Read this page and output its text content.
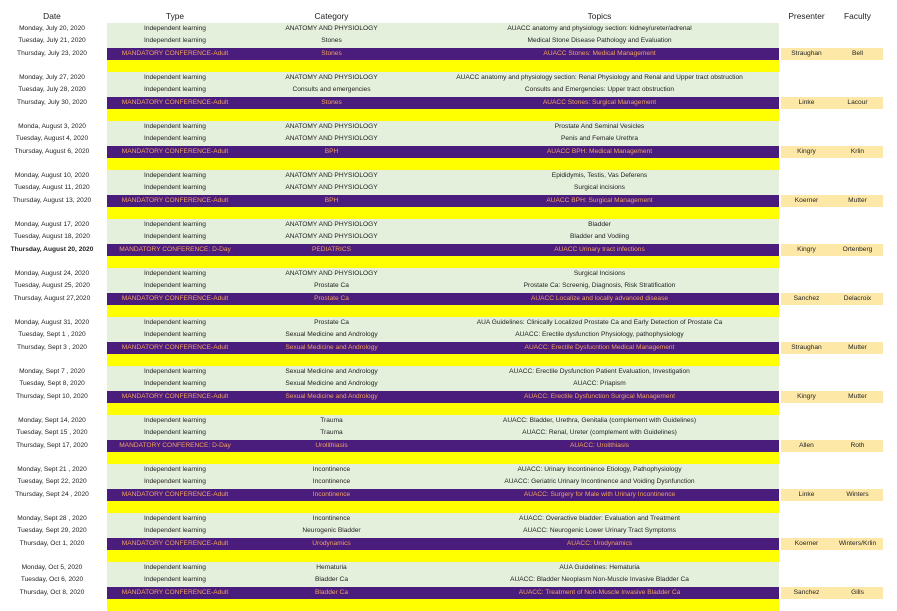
Date	Type	Category	Topics	Presenter	Faculty
Monday, July 20, 2020	Independent learning	ANATOMY AND PHYSIOLOGY	AUACC anatomy and physiology section: kidney/ureter/adrenal
Tuesday, July 21, 2020	Independent learning	Stones	Medical Stone Disease Pathology and Evaluation
Thursday, July 23, 2020	MANDATORY CONFERENCE-Adult	Stones	AUACC Stones: Medical Management	Straughan	Bell
Monday, July 27, 2020	Independent learning	ANATOMY AND PHYSIOLOGY	AUACC anatomy and physiology section: Renal Physiology and Renal and Upper tract obstruction
Tuesday, July 28, 2020	Independent learning	Consults and emergencies	Consults and Emergencies: Upper tract obstruction
Thursday, July 30, 2020	MANDATORY CONFERENCE-Adult	Stones	AUACC Stones: Surgical Management	Linke	Lacour
Monda, August 3, 2020	Independent learning	ANATOMY AND PHYSIOLOGY	Prostate And Seminal Vesicles
Tuesday, August 4, 2020	Independent learning	ANATOMY AND PHYSIOLOGY	Penis and Female Urethra
Thursday, August 6, 2020	MANDATORY CONFERENCE-Adult	BPH	AUACC BPH: Medical Management	Kingry	Krlin
Monday, August 10, 2020	Independent learning	ANATOMY AND PHYSIOLOGY	Epididymis, Testis, Vas Deferens
Tuesday, August 11, 2020	Independent learning	ANATOMY AND PHYSIOLOGY	Surgical incisions
Thursday, August 13, 2020	MANDATORY CONFERENCE-Adult	BPH	AUACC BPH: Surgical Management	Koerner	Mutter
Monday, August 17, 2020	Independent learning	ANATOMY AND PHYSIOLOGY	Bladder
Tuesday, August 18, 2020	Independent learning	ANATOMY AND PHYSIOLOGY	Bladder and Vodiing
Thursday, August 20, 2020	MANDATORY CONFERENCE: D-Day	PEDIATRICS	AUACC Urinary tract infections	Kingry	Ortenberg
Monday, August 24, 2020	Independent learning	ANATOMY AND PHYSIOLOGY	Surgical Incisions
Tuesday, August 25, 2020	Independent learning	Prostate Ca	Prostate Ca: Screenig, Diagnosis, Risk Stratification
Thursday, August 27,2020	MANDATORY CONFERENCE-Adult	Prostate Ca	AUACC Localize and locally advanced disease	Sanchez	Delacroix
Monday, August 31, 2020	Independent learning	Prostate Ca	AUA Guidelines: Clinically Localized Prostate Ca and Early Detection of Prostate Ca
Tuesday, Sept 1 , 2020	Independent learning	Sexual Medicine and Andrology	AUACC: Erectile dysfunction Physiology, pathophysiology
Thursday, Sept 3 , 2020	MANDATORY CONFERENCE-Adult	Sexual Medicine and Andrology	AUACC: Erectile Dysfucntion Medical Management	Straughan	Mutter
Monday, Sept 7 , 2020	Independent learning	Sexual Medicine and Andrology	AUACC: Erectile Dysfunction Patient Evaluation, Investigation
Tuesday, Sept 8, 2020	Independent learning	Sexual Medicine and Andrology	AUACC: Priapism
Thursday, Sept 10, 2020	MANDATORY CONFERENCE-Adult	Sexual Medicine and Andrology	AUACC: Erectile Dysfunction Surgical Management	Kingry	Mutter
Monday, Sept 14, 2020	Independent learning	Trauma	AUACC: Bladder, Urethra, Genitalia (complement with Guidelines)
Tuesday, Sept 15 , 2020	Independent learning	Trauma	AUACC: Renal, Ureter (complement with Guidelines)
Thursday, Sept 17, 2020	MANDATORY CONFERENCE: D-Day	Urolithiasis	AUACC: Urolithiasis	Allen	Roth
Monday, Sept 21 , 2020	Independent learning	Incontinence	AUACC: Urinary Incontinence Etiology, Pathophysiology
Tuesday, Sept 22, 2020	Independent learning	Incontinence	AUACC: Geriatric Urinary Incontinence and Voiding Dysnfunction
Thursday, Sept 24 , 2020	MANDATORY CONFERENCE-Adult	Incontinence	AUACC: Surgery for Male with Urinary Incontinence	Linke	Winters
Monday, Sept 28 , 2020	Independent learning	Incontinence	AUACC: Overactive bladder: Evaluation and Treatment
Tuesday, Sept 29, 2020	Independent learning	Neurogenic Bladder	AUACC: Neurogenic Lower Urinary Tract Symptoms
Thursday, Oct 1, 2020	MANDATORY CONFERENCE-Adult	Urodynamics	AUACC: Urodynamics	Koerner	Winters/Krlin
Monday, Oct 5, 2020	Independent learning	Hematuria	AUA Guidelines: Hematuria
Tuesday, Oct 6, 2020	Independent learning	Bladder Ca	AUACC: Bladder Neoplasm Non-Muscle Invasive Bladder Ca
Thursday, Oct 8, 2020	MANDATORY CONFERENCE-Adult	Bladder Ca	AUACC: Treatment of Non-Muscle Invasive Bladder Ca	Sanchez	Gills
